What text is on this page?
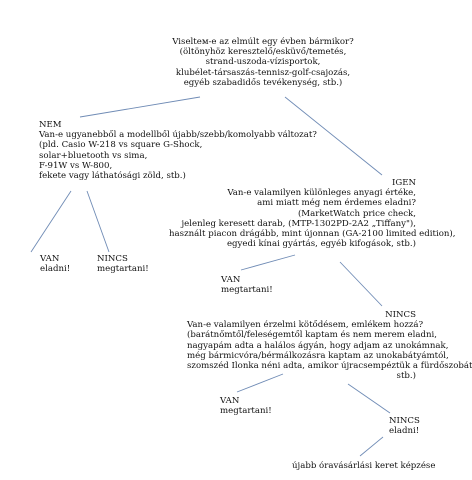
Viselteм-e az elmúlt egy évben bármikor?
(öltönyhöz keresztelő/esküvő/temetés,
strand-uszoda-vízisportok,
klubélet-társaszás-tennisz-golf-csajozás,
egyéb szabadidős tevékenység, stb.)
NEM
Van-e ugyanebből a modellből újabb/szebb/komolyabb változat?
(pld. Casio W-218 vs square G-Shock,
solar+bluetooth vs sima,
F-91W vs W-800,
fekete vagy láthatósági zöld, stb.)
VAN
eladni!
NINCS
megtartani!
IGEN
Van-e valamilyen különleges anyagi értéke,
ami miatt még nem érdemes eladni?
(MarketWatch price check,
jelenleg keresett darab, (MTP-1302PD-2A2 „Tiffany"),
használt piacon drágább, mint újonnan (GA-2100 limited edition),
egyedi kínai gyártás, egyéb kifogások, stb.)
VAN
megtartani!
NINCS
Van-e valamilyen érzelmi kötődésem, emlékem hozzá?
(barátnőmtől/feleségemtől kaptam és nem merem eladni,
nagyapám adta a halálos ágyán, hogy adjam az unokámnak,
még bármicvóra/bérmálkozásra kaptam az unokabátyámtól,
szomszéd Ilonka néni adta, amikor újracsempéztük a fürdőszobát
stb.)
VAN
megtartani!
NINCS
eladni!
újabb óravásárlási keret képzése
